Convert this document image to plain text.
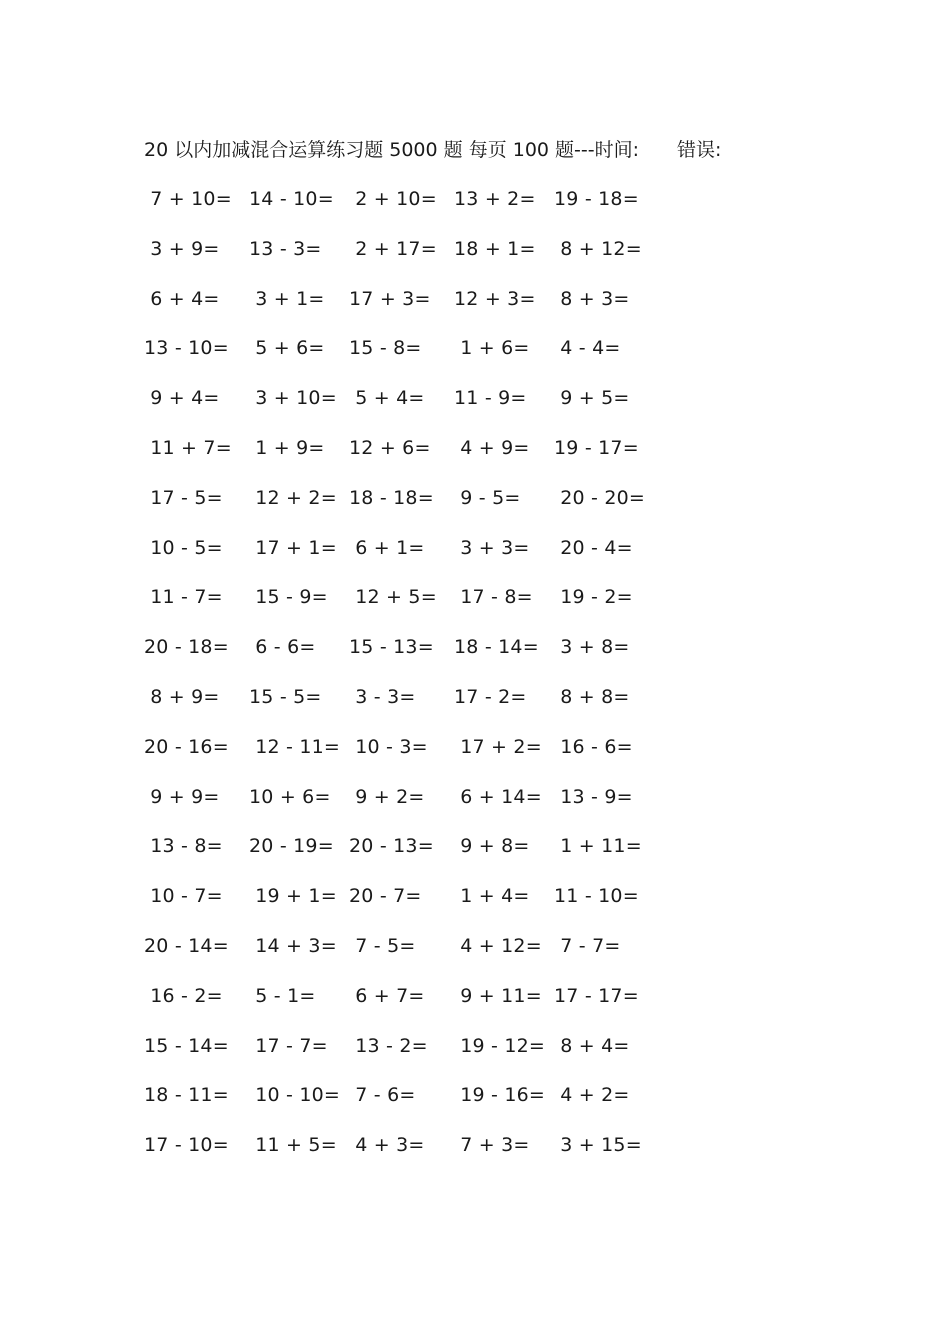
20 以内加减混合运算练习题 5000 题 每页 100 题---时间: 错误:
7 + 10= 14 - 10= 2 + 10= 13 + 2= 19 - 18=
3 + 9= 13 - 3= 2 + 17= 18 + 1= 8 + 12=
6 + 4= 3 + 1= 17 + 3= 12 + 3= 8 + 3=
13 - 10= 5 + 6= 15 - 8= 1 + 6= 4 - 4=
9 + 4= 3 + 10= 5 + 4= 11 - 9= 9 + 5=
11 + 7= 1 + 9= 12 + 6= 4 + 9= 19 - 17=
17 - 5= 12 + 2= 18 - 18= 9 - 5= 20 - 20=
10 - 5= 17 + 1= 6 + 1= 3 + 3= 20 - 4=
11 - 7= 15 - 9= 12 + 5= 17 - 8= 19 - 2=
20 - 18= 6 - 6= 15 - 13= 18 - 14= 3 + 8=
8 + 9= 15 - 5= 3 - 3= 17 - 2= 8 + 8=
20 - 16= 12 - 11= 10 - 3= 17 + 2= 16 - 6=
9 + 9= 10 + 6= 9 + 2= 6 + 14= 13 - 9=
13 - 8= 20 - 19= 20 - 13= 9 + 8= 1 + 11=
10 - 7= 19 + 1= 20 - 7= 1 + 4= 11 - 10=
20 - 14= 14 + 3= 7 - 5= 4 + 12= 7 - 7=
16 - 2= 5 - 1= 6 + 7= 9 + 11= 17 - 17=
15 - 14= 17 - 7= 13 - 2= 19 - 12= 8 + 4=
18 - 11= 10 - 10= 7 - 6= 19 - 16= 4 + 2=
17 - 10= 11 + 5= 4 + 3= 7 + 3= 3 + 15=
